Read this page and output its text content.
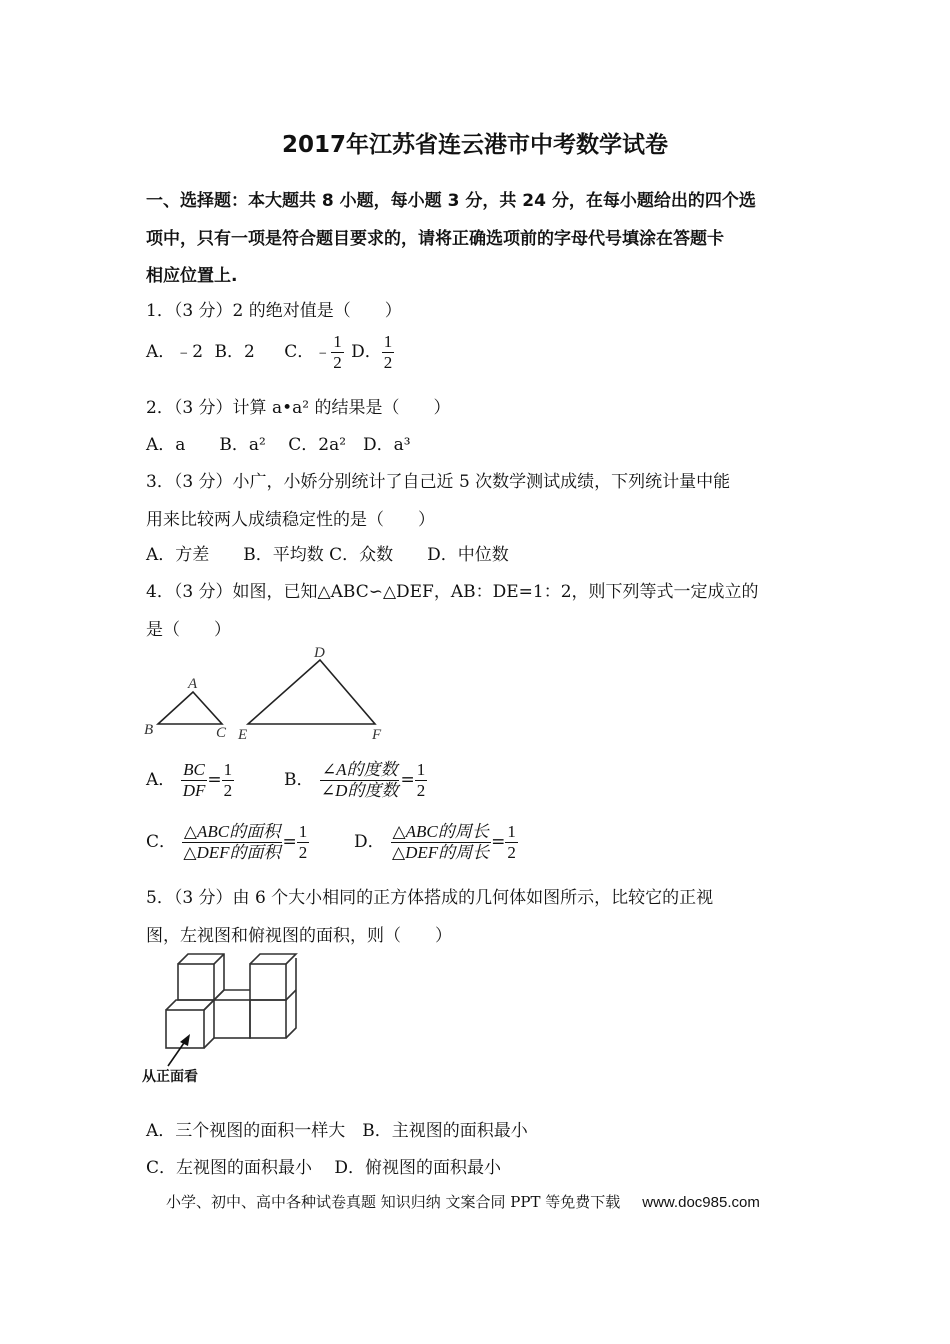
2017年江苏省连云港市中考数学试卷
一、选择题：本大题共 8 小题，每小题 3 分，共 24 分，在每小题给出的四个选
项中，只有一项是符合题目要求的，请将正确选项前的字母代号填涂在答题卡
相应位置上.
1．（3 分）2 的绝对值是（　　）
A．﹣2 B．2 C．﹣ $\frac{1}{2}$ D． $\frac{1}{2}$
2．（3 分）计算 a•a² 的结果是（　　）
A．a　　B．a²　 C．2a²　D．a³
3．（3 分）小广，小娇分别统计了自己近 5 次数学测试成绩，下列统计量中能
用来比较两人成绩稳定性的是（　　）
A．方差　　B．平均数 C．众数　　D．中位数
4．（3 分）如图，已知△ABC∽△DEF，AB：DE=1：2，则下列等式一定成立的
是（　　）
A
B	C
D
E	F
A． $\frac{BC}{DF} = \frac{1}{2}$	B． $\frac{\text{∠A的度数}}{\text{∠D的度数}} = \frac{1}{2}$
C． $\frac{\text{△ABC的面积}}{\text{△DEF的面积}} = \frac{1}{2}$	D． $\frac{\text{△ABC的周长}}{\text{△DEF的周长}} = \frac{1}{2}$
5．（3 分）由 6 个大小相同的正方体搭成的几何体如图所示，比较它的正视
图，左视图和俯视图的面积，则（　　）
从正面看
A．三个视图的面积一样大　B．主视图的面积最小
C．左视图的面积最小　 D．俯视图的面积最小
小学、初中、高中各种试卷真题 知识归纳 文案合同 PPT 等免费下载 www.doc985.com
